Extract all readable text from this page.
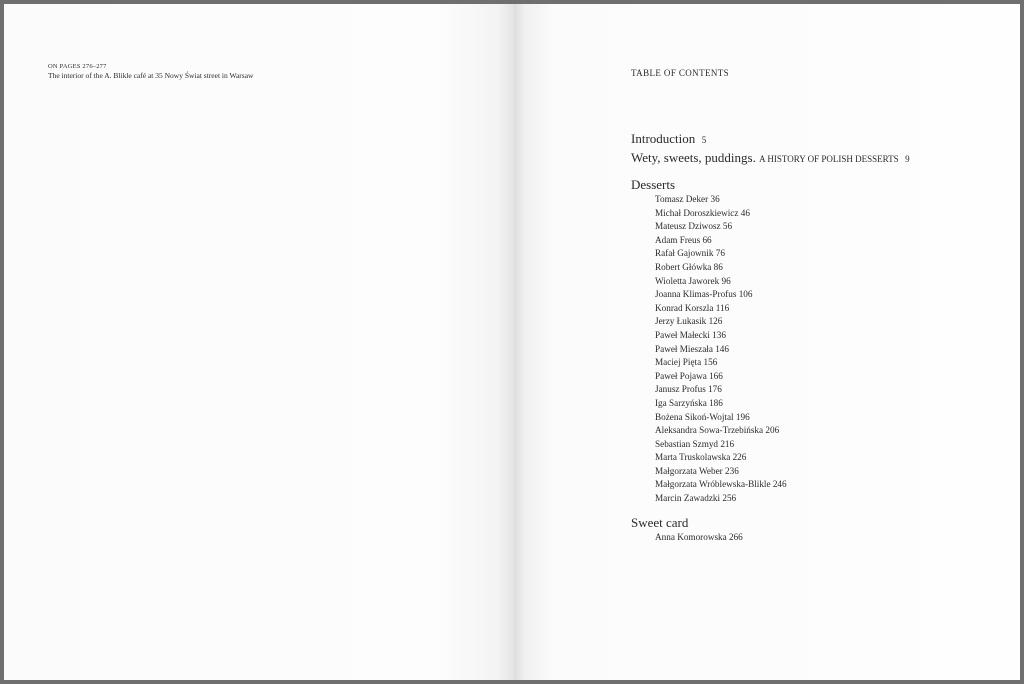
ON PAGES 276–277
The interior of the A. Blikle café at 35 Nowy Świat street in Warsaw	TABLE OF CONTENTS
Introduction 5
Wety, sweets, puddings. A HISTORY OF POLISH DESSERTS 9
Desserts
Tomasz Deker 36
Michał Doroszkiewicz 46
Mateusz Dziwosz 56
Adam Freus 66
Rafał Gajownik 76
Robert Główka 86
Wioletta Jaworek 96
Joanna Klimas-Profus 106
Konrad Korszla 116
Jerzy Łukasik 126
Paweł Małecki 136
Paweł Mieszała 146
Maciej Pięta 156
Paweł Pojawa 166
Janusz Profus 176
Iga Sarzyńska 186
Bożena Sikoń-Wojtal 196
Aleksandra Sowa-Trzebińska 206
Sebastian Szmyd 216
Marta Truskolawska 226
Małgorzata Weber 236
Małgorzata Wróblewska-Blikle 246
Marcin Zawadzki 256
Sweet card
Anna Komorowska 266
